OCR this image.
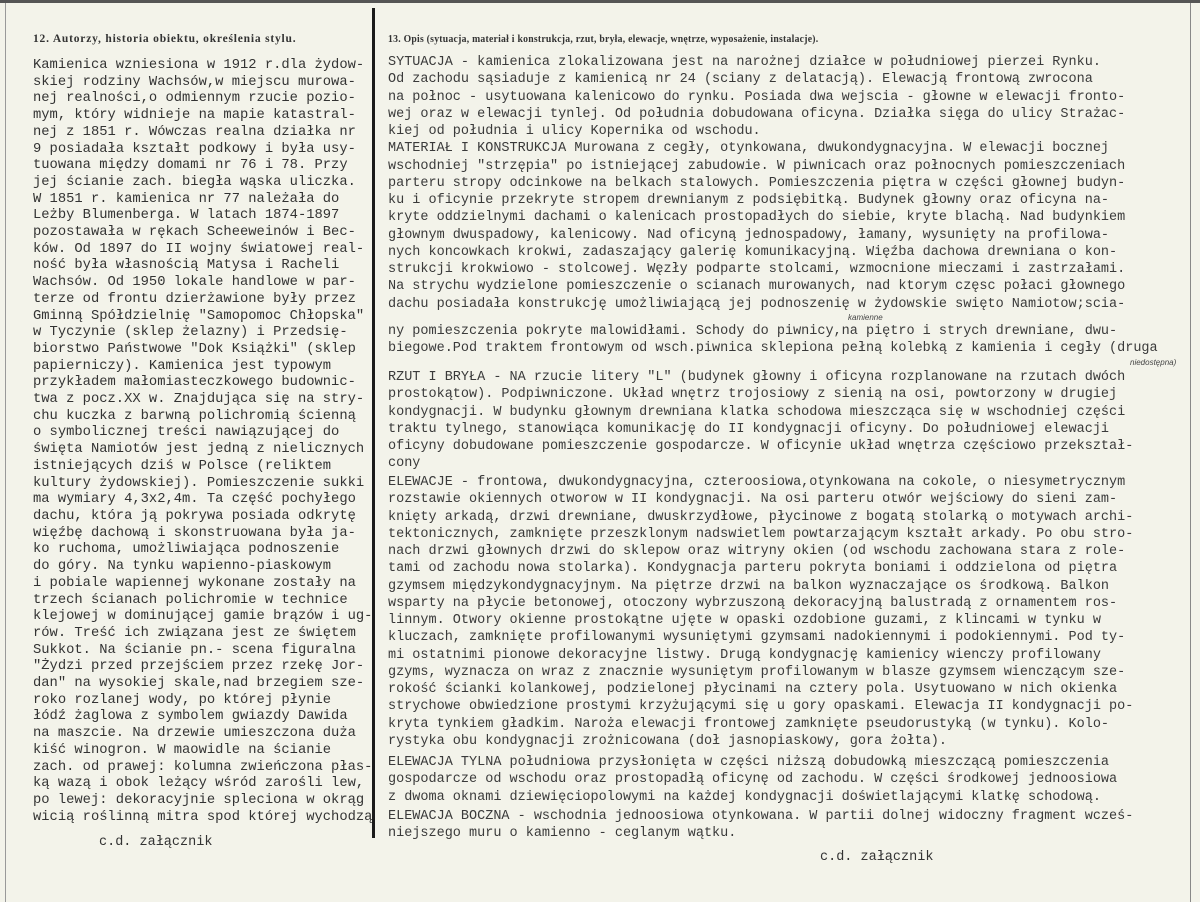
12. Autorzy, historia obiektu, określenia stylu.
Kamienica wzniesiona w 1912 r.dla żydow-
skiej rodziny Wachsów,w miejscu murowa-
nej realności,o odmiennym rzucie pozio-
mym, który widnieje na mapie katastral-
nej z 1851 r. Wówczas realna działka nr
9 posiadała kształt podkowy i była usy-
tuowana między domami nr 76 i 78. Przy
jej ścianie zach. biegła wąska uliczka.
W 1851 r. kamienica nr 77 należała do
Leżby Blumenberga. W latach 1874-1897
pozostawała w rękach Scheeweinów i Bec-
ków. Od 1897 do II wojny światowej real-
ność była własnością Matysa i Racheli
Wachsów. Od 1950 lokale handlowe w par-
terze od frontu dzierżawione były przez
Gminną Spółdzielnię "Samopomoc Chłopska"
w Tyczynie (sklep żelazny) i Przedsię-
biorstwo Państwowe "Dok Książki" (sklep
papierniczy). Kamienica jest typowym
przykładem małomiasteczkowego budownic-
twa z pocz.XX w. Znajdująca się na stry-
chu kuczka z barwną polichromią ścienną
o symbolicznej treści nawiązującej do
święta Namiotów jest jedną z nielicznych
istniejących dziś w Polsce (reliktem
kultury żydowskiej). Pomieszczenie sukki
ma wymiary 4,3x2,4m. Ta część pochyłego
dachu, która ją pokrywa posiada odkrytę
więźbę dachową i skonstruowana była ja-
ko ruchoma, umożliwiająca podnoszenie
do góry. Na tynku wapienno-piaskowym
i pobiale wapiennej wykonane zostały na
trzech ścianach polichromie w technice
klejowej w dominującej gamie brązów i ug-
rów. Treść ich związana jest ze świętem
Sukkot. Na ścianie pn.- scena figuralna
"Żydzi przed przejściem przez rzekę Jor-
dan" na wysokiej skale,nad brzegiem sze-
roko rozlanej wody, po której płynie
łódź żaglowa z symbolem gwiazdy Dawida
na maszcie. Na drzewie umieszczona duża
kiść winogron. W maowidle na ścianie
zach. od prawej: kolumna zwieńczona płas-
ką wazą i obok leżący wśród zarośli lew,
po lewej: dekoracyjnie spleciona w okrąg
wicią roślinną mitra spod której wychodzą
c.d. załącznik
13. Opis (sytuacja, materiał i konstrukcja, rzut, bryła, elewacje, wnętrze, wyposażenie, instalacje).
SYTUACJA - kamienica zlokalizowana jest na narożnej działce w południowej pierzei Rynku.
Od zachodu sąsiaduje z kamienicą nr 24 (sciany z delatacją). Elewacją frontową zwrocona
na połnoc - usytuowana kalenicowo do rynku. Posiada dwa wejscia - głowne w elewacji fronto-
wej oraz w elewacji tynlej. Od południa dobudowana oficyna. Działka sięga do ulicy Strażac-
kiej od południa i ulicy Kopernika od wschodu.
MATERIAŁ I KONSTRUKCJA Murowana z cegły, otynkowana, dwukondygnacyjna. W elewacji bocznej
wschodniej "strzępia" po istniejącej zabudowie. W piwnicach oraz połnocnych pomieszczeniach
parteru stropy odcinkowe na belkach stalowych. Pomieszczenia piętra w części głownej budyn-
ku i oficynie przekryte stropem drewnianym z podsiębitką. Budynek głowny oraz oficyna na-
kryte oddzielnymi dachami o kalenicach prostopadłych do siebie, kryte blachą. Nad budynkiem
głownym dwuspadowy, kalenicowy. Nad oficyną jednospadowy, łamany, wysunięty na profilowa-
nych koncowkach krokwi, zadaszający galerię komunikacyjną. Więźba dachowa drewniana o kon-
strukcji krokwiowo - stolcowej. Węzły podparte stolcami, wzmocnione mieczami i zastrzałami.
Na strychu wydzielone pomieszczenie o scianach murowanych, nad ktorym częsc połaci głownego
dachu posiadała konstrukcję umożliwiającą jej podnoszenię w żydowskie swięto Namiotow;scia-
ny pomieszczenia pokryte malowidłami. Schody do piwnicy,na piętro i strych drewniane, dwu-
biegowe.Pod traktem frontowym od wsch.piwnica sklepiona pełną kolebką z kamienia i cegły (druga
RZUT I BRYŁA - NA rzucie litery "L" (budynek głowny i oficyna rozplanowane na rzutach dwóch
prostokątow). Podpiwniczone. Układ wnętrz trojosiowy z sienią na osi, powtorzony w drugiej
kondygnacji. W budynku głownym drewniana klatka schodowa mieszcząca się w wschodniej części
traktu tylnego, stanowiąca komunikację do II kondygnacji oficyny. Do południowej elewacji
oficyny dobudowane pomieszczenie gospodarcze. W oficynie układ wnętrza częściowo przekształ-
cony
ELEWACJE - frontowa, dwukondygnacyjna, czteroosiowa,otynkowana na cokole, o niesymetrycznym
rozstawie okiennych otworow w II kondygnacji. Na osi parteru otwór wejściowy do sieni zam-
knięty arkadą, drzwi drewniane, dwuskrzydłowe, płycinowe z bogatą stolarką o motywach archi-
tektonicznych, zamknięte przeszklonym nadswietlem powtarzającym kształt arkady. Po obu stro-
nach drzwi głownych drzwi do sklepow oraz witryny okien (od wschodu zachowana stara z role-
tami od zachodu nowa stolarka). Kondygnacja parteru pokryta boniami i oddzielona od piętra
gzymsem międzykondygnacyjnym. Na piętrze drzwi na balkon wyznaczające os środkową. Balkon
wsparty na płycie betonowej, otoczony wybrzuszoną dekoracyjną balustradą z ornamentem ros-
linnym. Otwory okienne prostokątne ujęte w opaski ozdobione guzami, z klincami w tynku w
kluczach, zamknięte profilowanymi wysuniętymi gzymsami nadokiennymi i podokiennymi. Pod ty-
mi ostatnimi pionowe dekoracyjne listwy. Drugą kondygnację kamienicy wienczy profilowany
gzyms, wyznacza on wraz z znacznie wysuniętym profilowanym w blasze gzymsem wienczącym sze-
rokość ścianki kolankowej, podzielonej płycinami na cztery pola. Usytuowano w nich okienka
strychowe obwiedzione prostymi krzyżującymi się u gory opaskami. Elewacja II kondygnacji po-
kryta tynkiem gładkim. Naroża elewacji frontowej zamknięte pseudorustyką (w tynku). Kolo-
rystyka obu kondygnacji zrożnicowana (doł jasnopiaskowy, gora żołta).
ELEWACJA TYLNA południowa przysłonięta w części niższą dobudowką mieszczącą pomieszczenia
gospodarcze od wschodu oraz prostopadłą oficynę od zachodu. W części środkowej jednoosiowa
z dwoma oknami dziewięciopolowymi na każdej kondygnacji doświetlającymi klatkę schodową.
ELEWACJA BOCZNA - wschodnia jednoosiowa otynkowana. W partii dolnej widoczny fragment wcześ-
niejszego muru o kamienno - ceglanym wątku.
kamienne
niedostępna)
c.d. załącznik
